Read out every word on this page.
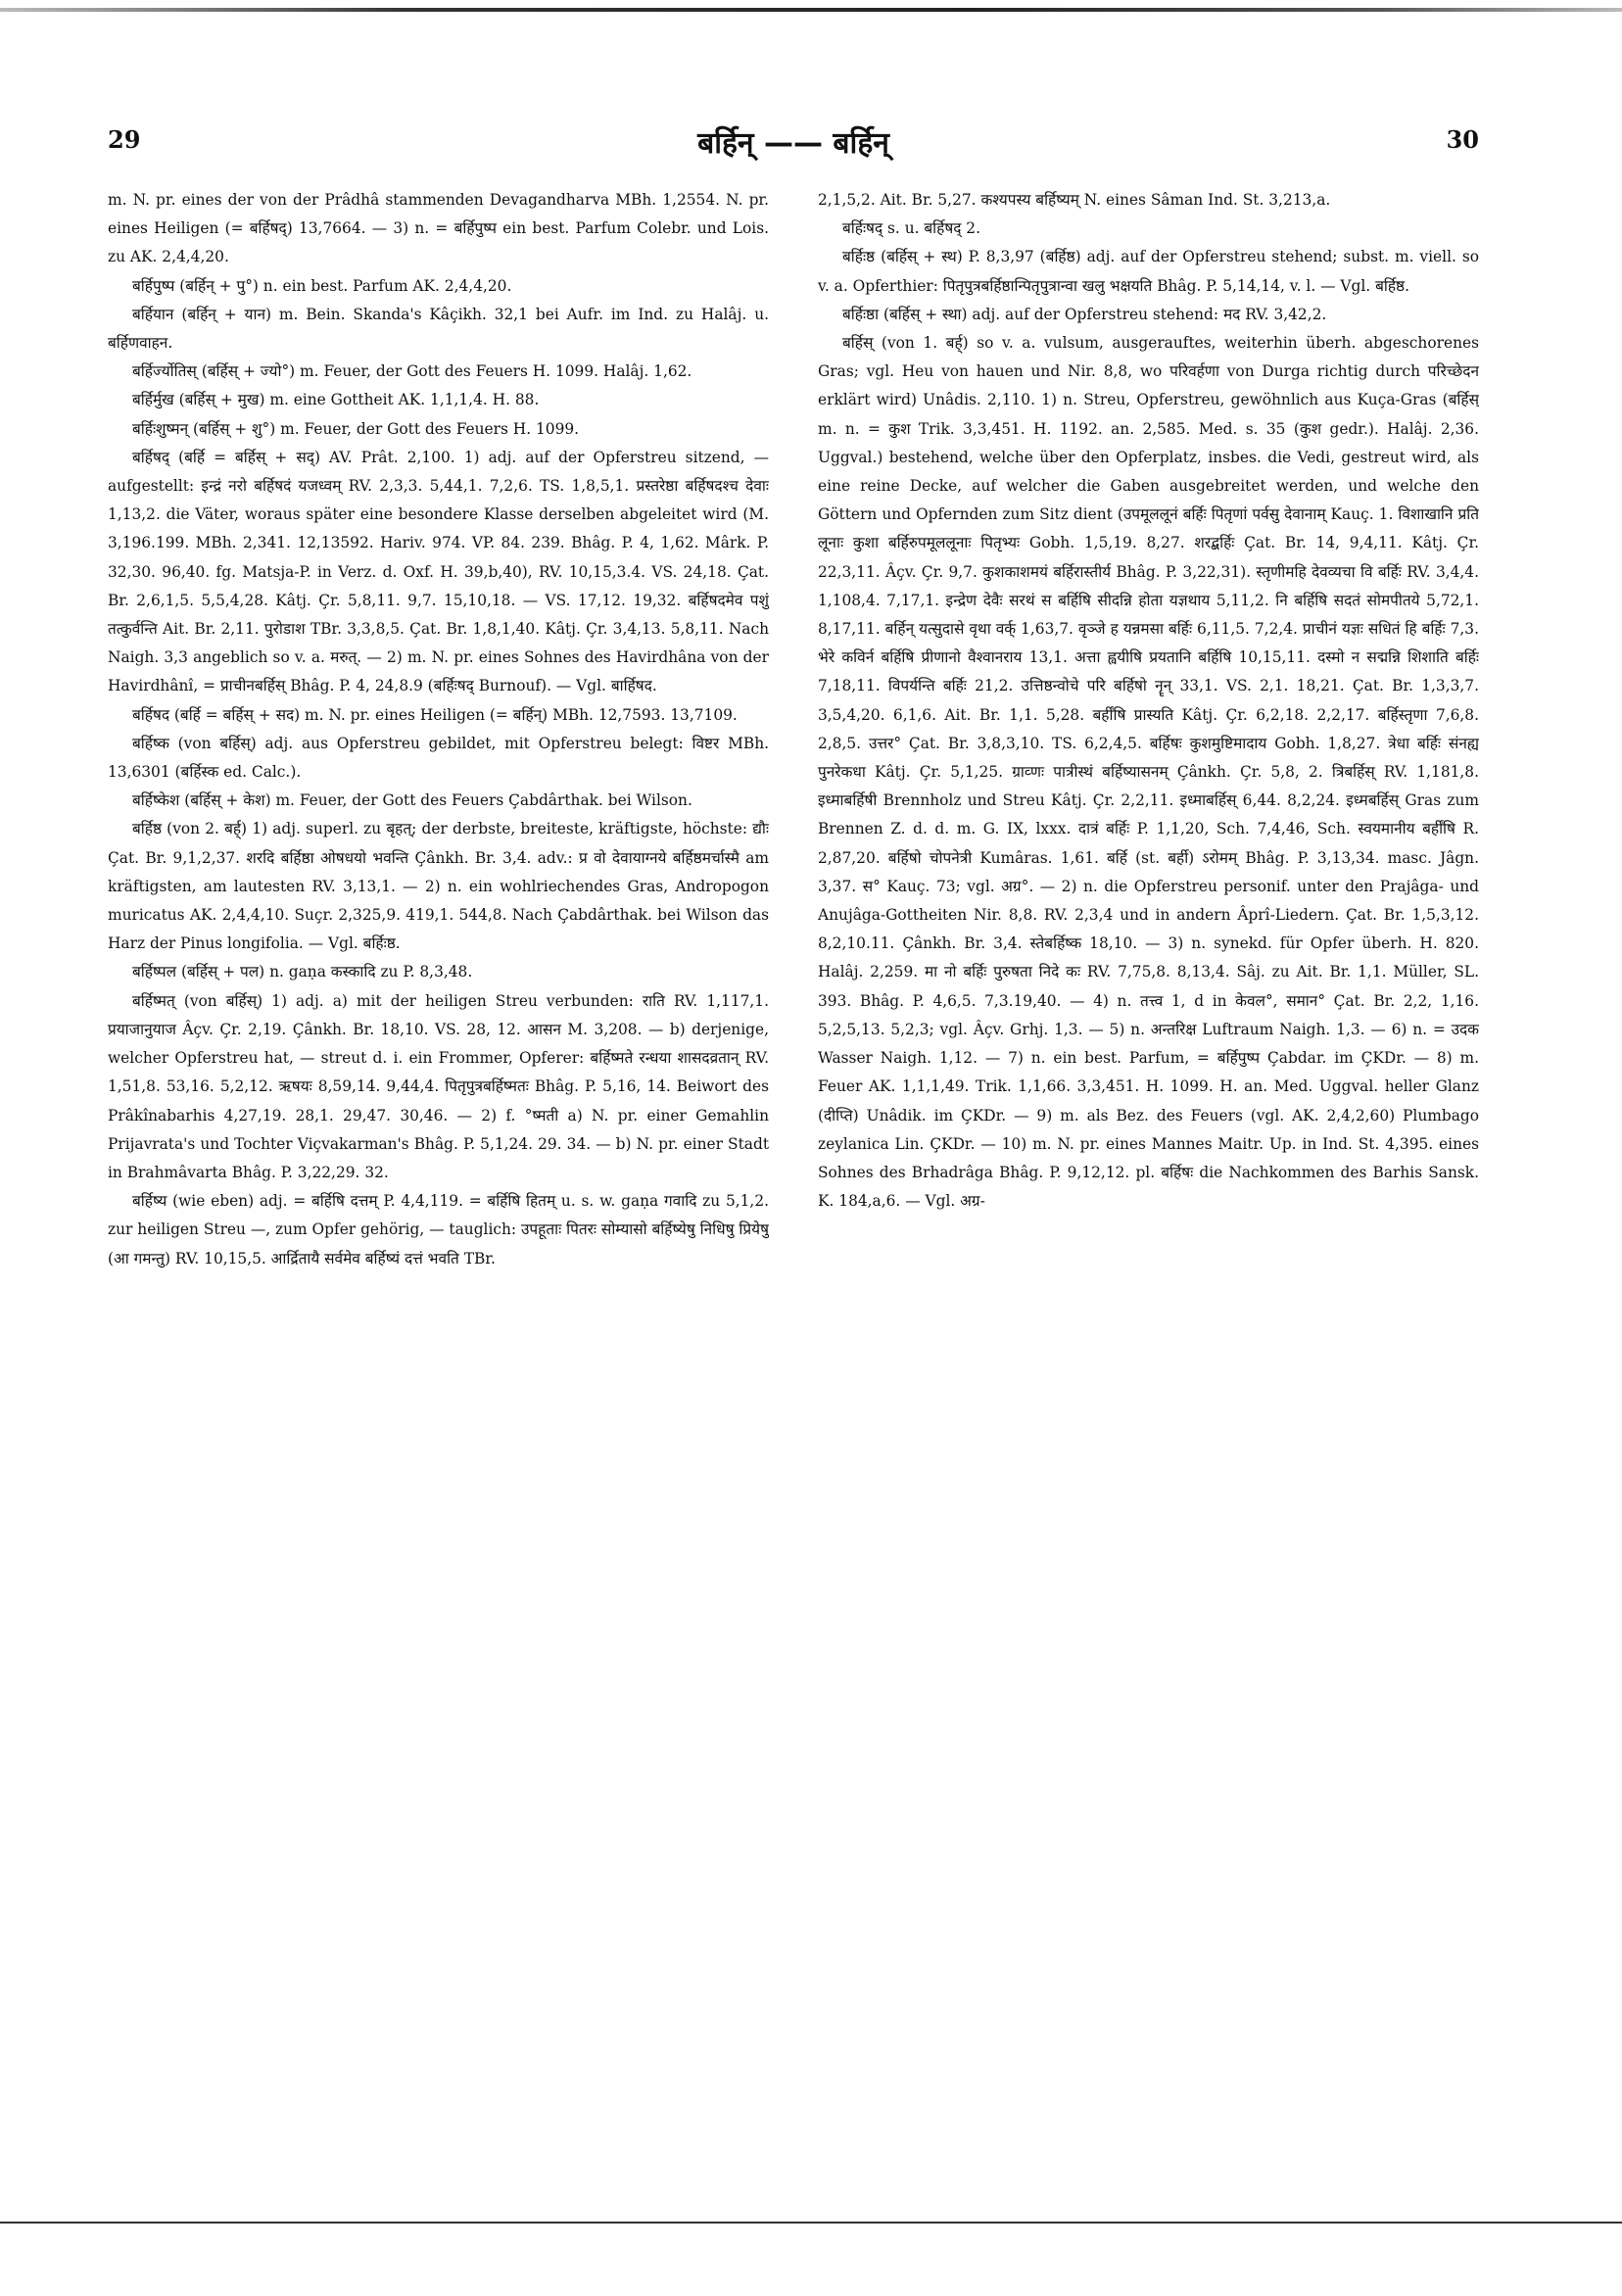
29	बर्हिन् —— बर्हिन्	30

m. N. pr. eines der von der Prâdhâ stammenden Devagandharva MBh. 1,2554. N. pr. eines Heiligen (= बर्हिषद्) 13,7664. — 3) n. = बर्हिपुष्प ein best. Parfum Colebr. und Lois. zu AK. 2,4,4,20.

बर्हिपुष्प (बर्हिन् + पु°) n. ein best. Parfum AK. 2,4,4,20.

बर्हियान (बर्हिन् + यान) m. Bein. Skanda's Kâçikh. 32,1 bei Aufr. im Ind. zu Halâj. u. बर्हिणवाहन.

बर्हिर्ज्योतिस् (बर्हिस् + ज्यो°) m. Feuer, der Gott des Feuers H. 1099. Halâj. 1,62.

बर्हिर्मुख (बर्हिस् + मुख) m. eine Gottheit AK. 1,1,1,4. H. 88.

बर्हिःशुष्मन् (बर्हिस् + शु°) m. Feuer, der Gott des Feuers H. 1099.

बर्हिषद् (बर्हि = बर्हिस् + सद्) AV. Prât. 2,100. 1) adj. auf der Opferstreu sitzend, — aufgestellt: इन्द्रं नरो बर्हिषदं यजध्वम् RV. 2,3,3. 5,44,1. 7,2,6. TS. 1,8,5,1. प्रस्तरेष्ठा बर्हिषदश्च देवाः 1,13,2. die Väter, woraus später eine besondere Klasse derselben abgeleitet wird (M. 3,196.199. MBh. 2,341. 12,13592. Hariv. 974. VP. 84. 239. Bhâg. P. 4, 1,62. Mârk. P. 32,30. 96,40. fg. Matsja-P. in Verz. d. Oxf. H. 39,b,40), RV. 10,15,3.4. VS. 24,18. Çat. Br. 2,6,1,5. 5,5,4,28. Kâtj. Çr. 5,8,11. 9,7. 15,10,18. — VS. 17,12. 19,32. बर्हिषदमेव पशुं तत्कुर्वन्ति Ait. Br. 2,11. पुरोडाश TBr. 3,3,8,5. Çat. Br. 1,8,1,40. Kâtj. Çr. 3,4,13. 5,8,11. Nach Naigh. 3,3 angeblich so v. a. मरुत्. — 2) m. N. pr. eines Sohnes des Havirdhâna von der Havirdhânî, = प्राचीनबर्हिस् Bhâg. P. 4, 24,8.9 (बर्हिःषद् Burnouf). — Vgl. बार्हिषद.

बर्हिषद (बर्हि = बर्हिस् + सद) m. N. pr. eines Heiligen (= बर्हिन्) MBh. 12,7593. 13,7109.

बर्हिष्क (von बर्हिस्) adj. aus Opferstreu gebildet, mit Opferstreu belegt: विष्टर MBh. 13,6301 (बर्हिस्क ed. Calc.).

बर्हिष्केश (बर्हिस् + केश) m. Feuer, der Gott des Feuers Çabdârthak. bei Wilson.

बर्हिष्ठ (von 2. बर्ह्) 1) adj. superl. zu बृहत्; der derbste, breiteste, kräftigste, höchste: द्यौः Çat. Br. 9,1,2,37. शरदि बर्हिष्ठा ओषधयो भवन्ति Çânkh. Br. 3,4. adv.: प्र वो देवायाग्नये बर्हिष्ठमर्चास्मै am kräftigsten, am lautesten RV. 3,13,1. — 2) n. ein wohlriechendes Gras, Andropogon muricatus AK. 2,4,4,10. Suçr. 2,325,9. 419,1. 544,8. Nach Çabdârthak. bei Wilson das Harz der Pinus longifolia. — Vgl. बर्हिःष्ठ.

बर्हिष्पल (बर्हिस् + पल) n. gaṇa कस्कादि zu P. 8,3,48.

बर्हिष्मत् (von बर्हिस्) 1) adj. a) mit der heiligen Streu verbunden: राति RV. 1,117,1. प्रयाजानुयाज Âçv. Çr. 2,19. Çânkh. Br. 18,10. VS. 28, 12. आसन M. 3,208. — b) derjenige, welcher Opferstreu hat, — streut d. i. ein Frommer, Opferer: बर्हिष्मते रन्धया शासदव्रतान् RV. 1,51,8. 53,16. 5,2,12. ऋषयः 8,59,14. 9,44,4. पितृपुत्रबर्हिष्मतः Bhâg. P. 5,16, 14. Beiwort des Prâkînabarhis 4,27,19. 28,1. 29,47. 30,46. — 2) f. °ष्मती a) N. pr. einer Gemahlin Prijavrata's und Tochter Viçvakarman's Bhâg. P. 5,1,24. 29. 34. — b) N. pr. einer Stadt in Brahmâvarta Bhâg. P. 3,22,29. 32.

बर्हिष्य (wie eben) adj. = बर्हिषि दत्तम् P. 4,4,119. = बर्हिषि हितम् u. s. w. gaṇa गवादि zu 5,1,2. zur heiligen Streu —, zum Opfer gehörig, — tauglich: उपहूताः पितरः सोम्यासो बर्हिष्येषु निधिषु प्रियेषु (आ गमन्तु) RV. 10,15,5. आर्द्रितायै सर्वमेव बर्हिष्यं दत्तं भवति TBr.

2,1,5,2. Ait. Br. 5,27. कश्यपस्य बर्हिष्यम् N. eines Sâman Ind. St. 3,213,a.

बर्हिःषद् s. u. बर्हिषद् 2.

बर्हिःष्ठ (बर्हिस् + स्थ) P. 8,3,97 (बर्हिष्ठ) adj. auf der Opferstreu stehend; subst. m. viell. so v. a. Opferthier: पितृपुत्रबर्हिष्ठान्पितृपुत्रान्वा खलु भक्षयति Bhâg. P. 5,14,14, v. l. — Vgl. बर्हिष्ठ.

बर्हिःष्ठा (बर्हिस् + स्था) adj. auf der Opferstreu stehend: मद RV. 3,42,2.

बर्हिस् (von 1. बर्ह्) so v. a. vulsum, ausgerauftes, weiterhin überh. abgeschorenes Gras; vgl. Heu von hauen und Nir. 8,8, wo परिवर्हणा von Durga richtig durch परिच्छेदन erklärt wird) Unâdis. 2,110. 1) n. Streu, Opferstreu, gewöhnlich aus Kuça-Gras (बर्हिस् m. n. = कुश Trik. 3,3,451. H. 1192. an. 2,585. Med. s. 35 (कुश gedr.). Halâj. 2,36. Uggval.) bestehend, welche über den Opferplatz, insbes. die Vedi, gestreut wird, als eine reine Decke, auf welcher die Gaben ausgebreitet werden, und welche den Göttern und Opfernden zum Sitz dient (उपमूललूनं बर्हिः पितृणां पर्वसु देवानाम् Kauç. 1. विशाखानि प्रति लूनाः कुशा बर्हिरुपमूललूनाः पितृभ्यः Gobh. 1,5,19. 8,27. शरद्बर्हिः Çat. Br. 14, 9,4,11. Kâtj. Çr. 22,3,11. Âçv. Çr. 9,7. कुशकाशमयं बर्हिरास्तीर्य Bhâg. P. 3,22,31). स्तृणीमहि देवव्यचा वि बर्हिः RV. 3,4,4. 1,108,4. 7,17,1. इन्द्रेण देवैः सरथं स बर्हिषि सीदन्नि होता यज्ञथाय 5,11,2. नि बर्हिषि सदतं सोमपीतये 5,72,1. 8,17,11. बर्हिन् यत्सुदासे वृथा वर्क् 1,63,7. वृञ्जे ह यन्नमसा बर्हिः 6,11,5. 7,2,4. प्राचीनं यज्ञः सधितं हि बर्हिः 7,3. भेरे कविर्न बर्हिषि प्रीणानो वैश्वानराय 13,1. अत्ता ह्वयीषि प्रयतानि बर्हिषि 10,15,11. दस्मो न सद्मन्नि शिशाति बर्हिः 7,18,11. विपर्यन्ति बर्हिः 21,2. उत्तिष्ठन्वोचे परि बर्हिषो नॄन् 33,1. VS. 2,1. 18,21. Çat. Br. 1,3,3,7. 3,5,4,20. 6,1,6. Ait. Br. 1,1. 5,28. बर्हींषि प्रास्यति Kâtj. Çr. 6,2,18. 2,2,17. बर्हिस्तृणा 7,6,8. 2,8,5. उत्तर° Çat. Br. 3,8,3,10. TS. 6,2,4,5. बर्हिषः कुशमुष्टिमादाय Gobh. 1,8,27. त्रेधा बर्हिः संनह्य पुनरेकधा Kâtj. Çr. 5,1,25. ग्राव्णः पात्रीस्थं बर्हिष्यासनम् Çânkh. Çr. 5,8, 2. त्रिबर्हिस् RV. 1,181,8. इध्माबर्हिषी Brennholz und Streu Kâtj. Çr. 2,2,11. इध्माबर्हिस् 6,44. 8,2,24. इध्मबर्हिस् Gras zum Brennen Z. d. d. m. G. IX, lxxx. दात्रं बर्हिः P. 1,1,20, Sch. 7,4,46, Sch. स्वयमानीय बर्हींषि R. 2,87,20. बर्हिषो चोपनेत्री Kumâras. 1,61. बर्हि (st. बर्ही) ऽरोमम् Bhâg. P. 3,13,34. masc. Jâgn. 3,37. स° Kauç. 73; vgl. अग्र°. — 2) n. die Opferstreu personif. unter den Prajâga- und Anujâga-Gottheiten Nir. 8,8. RV. 2,3,4 und in andern Âprî-Liedern. Çat. Br. 1,5,3,12. 8,2,10.11. Çânkh. Br. 3,4. स्तेबर्हिष्क 18,10. — 3) n. synekd. für Opfer überh. H. 820. Halâj. 2,259. मा नो बर्हिः पुरुषता निदे कः RV. 7,75,8. 8,13,4. Sâj. zu Ait. Br. 1,1. Müller, SL. 393. Bhâg. P. 4,6,5. 7,3.19,40. — 4) n. तत्त्व 1, d in केवल°, समान° Çat. Br. 2,2, 1,16. 5,2,5,13. 5,2,3; vgl. Âçv. Grhj. 1,3. — 5) n. अन्तरिक्ष Luftraum Naigh. 1,3. — 6) n. = उदक Wasser Naigh. 1,12. — 7) n. ein best. Parfum, = बर्हिपुष्प Çabdar. im ÇKDr. — 8) m. Feuer AK. 1,1,1,49. Trik. 1,1,66. 3,3,451. H. 1099. H. an. Med. Uggval. heller Glanz (दीप्ति) Unâdik. im ÇKDr. — 9) m. als Bez. des Feuers (vgl. AK. 2,4,2,60) Plumbago zeylanica Lin. ÇKDr. — 10) m. N. pr. eines Mannes Maitr. Up. in Ind. St. 4,395. eines Sohnes des Brhadrâga Bhâg. P. 9,12,12. pl. बर्हिषः die Nachkommen des Barhis Sansk. K. 184,a,6. — Vgl. अग्र-
